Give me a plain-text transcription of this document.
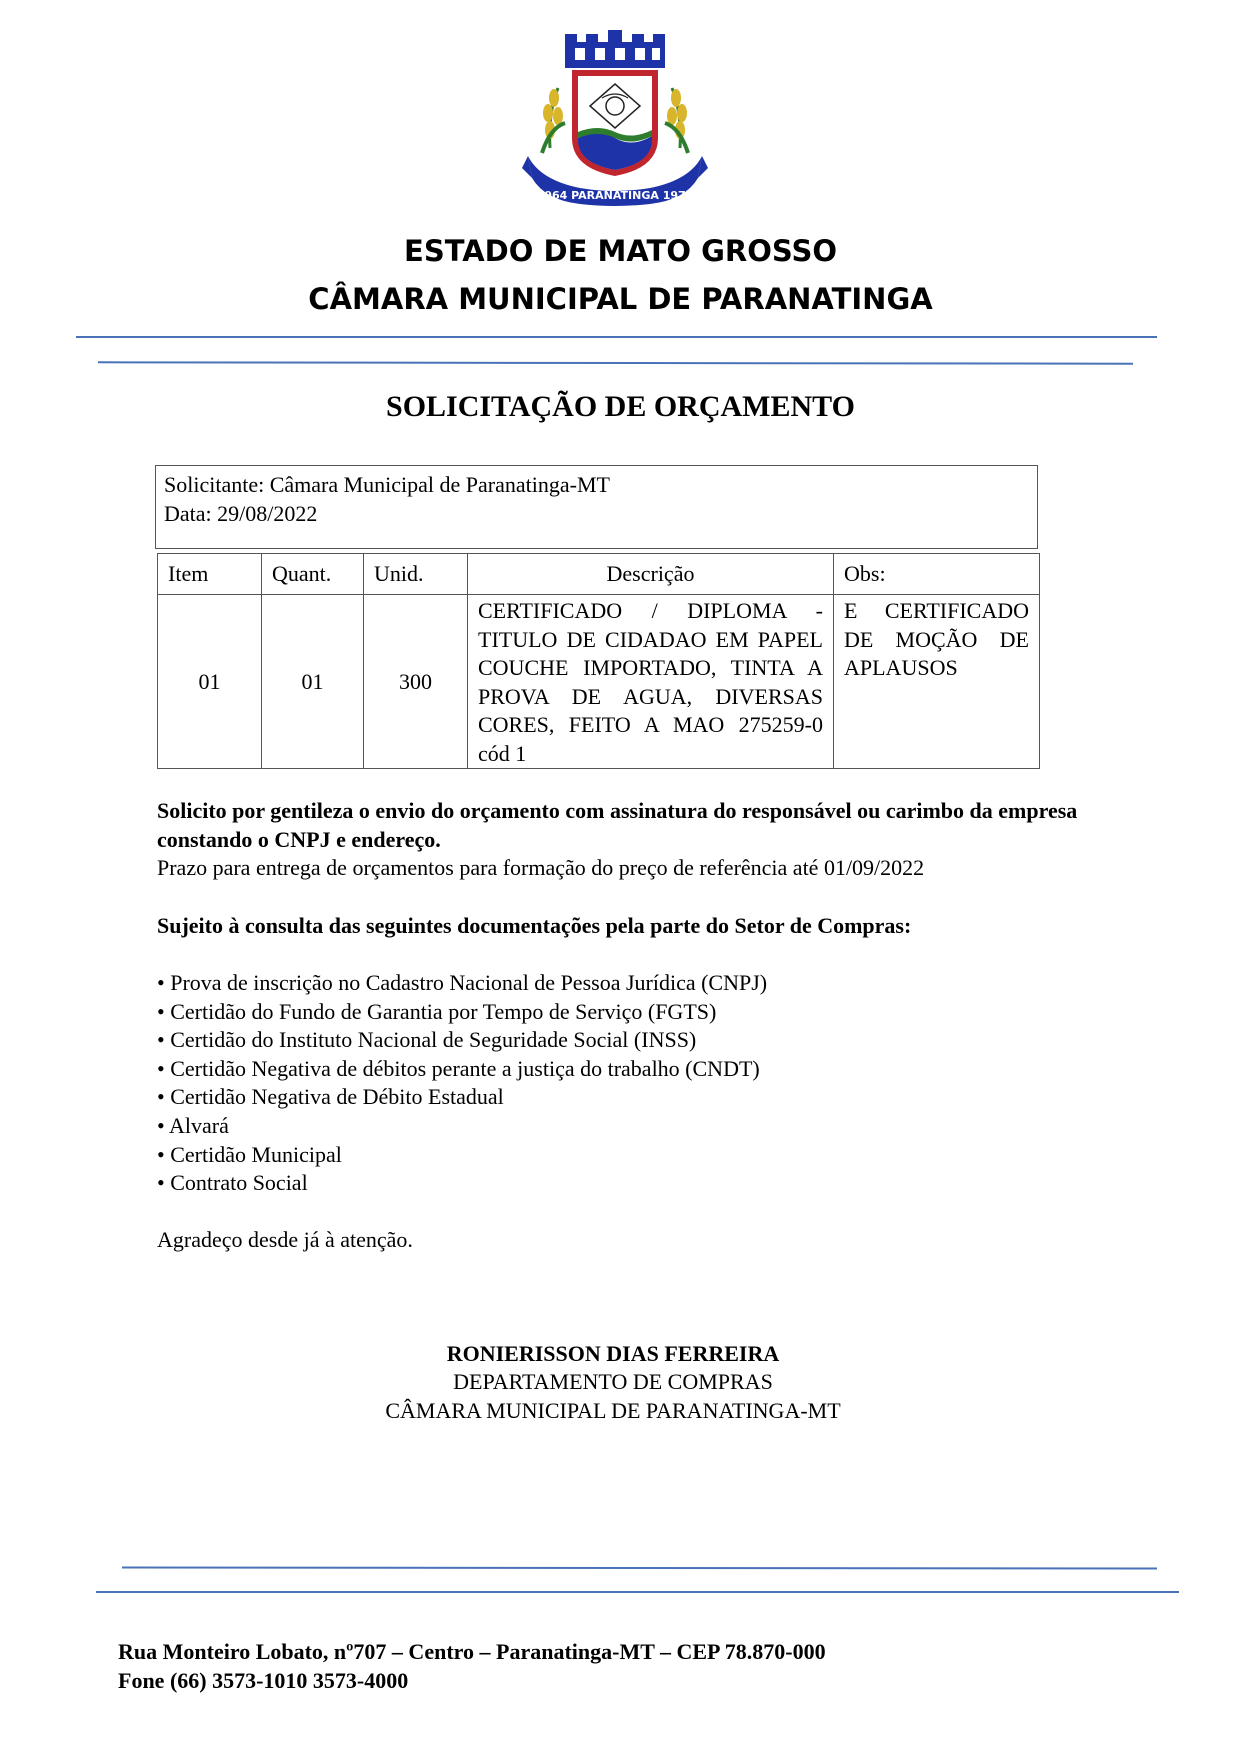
1964 PARANATINGA 1979
ESTADO DE MATO GROSSO
CÂMARA MUNICIPAL DE PARANATINGA
SOLICITAÇÃO DE ORÇAMENTO
Solicitante: Câmara Municipal de Paranatinga-MT
Data: 29/08/2022
Item	Quant.	Unid.	Descrição	Obs:
01	01	300	CERTIFICADO / DIPLOMA - TITULO DE CIDADAO EM PAPEL COUCHE IMPORTADO, TINTA A PROVA DE AGUA, DIVERSAS CORES, FEITO A MAO 275259-0 cód 1	E CERTIFICADO DE MOÇÃO DE APLAUSOS
Solicito por gentileza o envio do orçamento com assinatura do responsável ou carimbo da empresa constando o CNPJ e endereço.
Prazo para entrega de orçamentos para formação do preço de referência até 01/09/2022
Sujeito à consulta das seguintes documentações pela parte do Setor de Compras:
• Prova de inscrição no Cadastro Nacional de Pessoa Jurídica (CNPJ)
• Certidão do Fundo de Garantia por Tempo de Serviço (FGTS)
• Certidão do Instituto Nacional de Seguridade Social (INSS)
• Certidão Negativa de débitos perante a justiça do trabalho (CNDT)
• Certidão Negativa de Débito Estadual
• Alvará
• Certidão Municipal
• Contrato Social
Agradeço desde já à atenção.
RONIERISSON DIAS FERREIRA
DEPARTAMENTO DE COMPRAS
CÂMARA MUNICIPAL DE PARANATINGA-MT
Rua Monteiro Lobato, nº707 – Centro – Paranatinga-MT – CEP 78.870-000
Fone (66) 3573-1010 3573-4000
